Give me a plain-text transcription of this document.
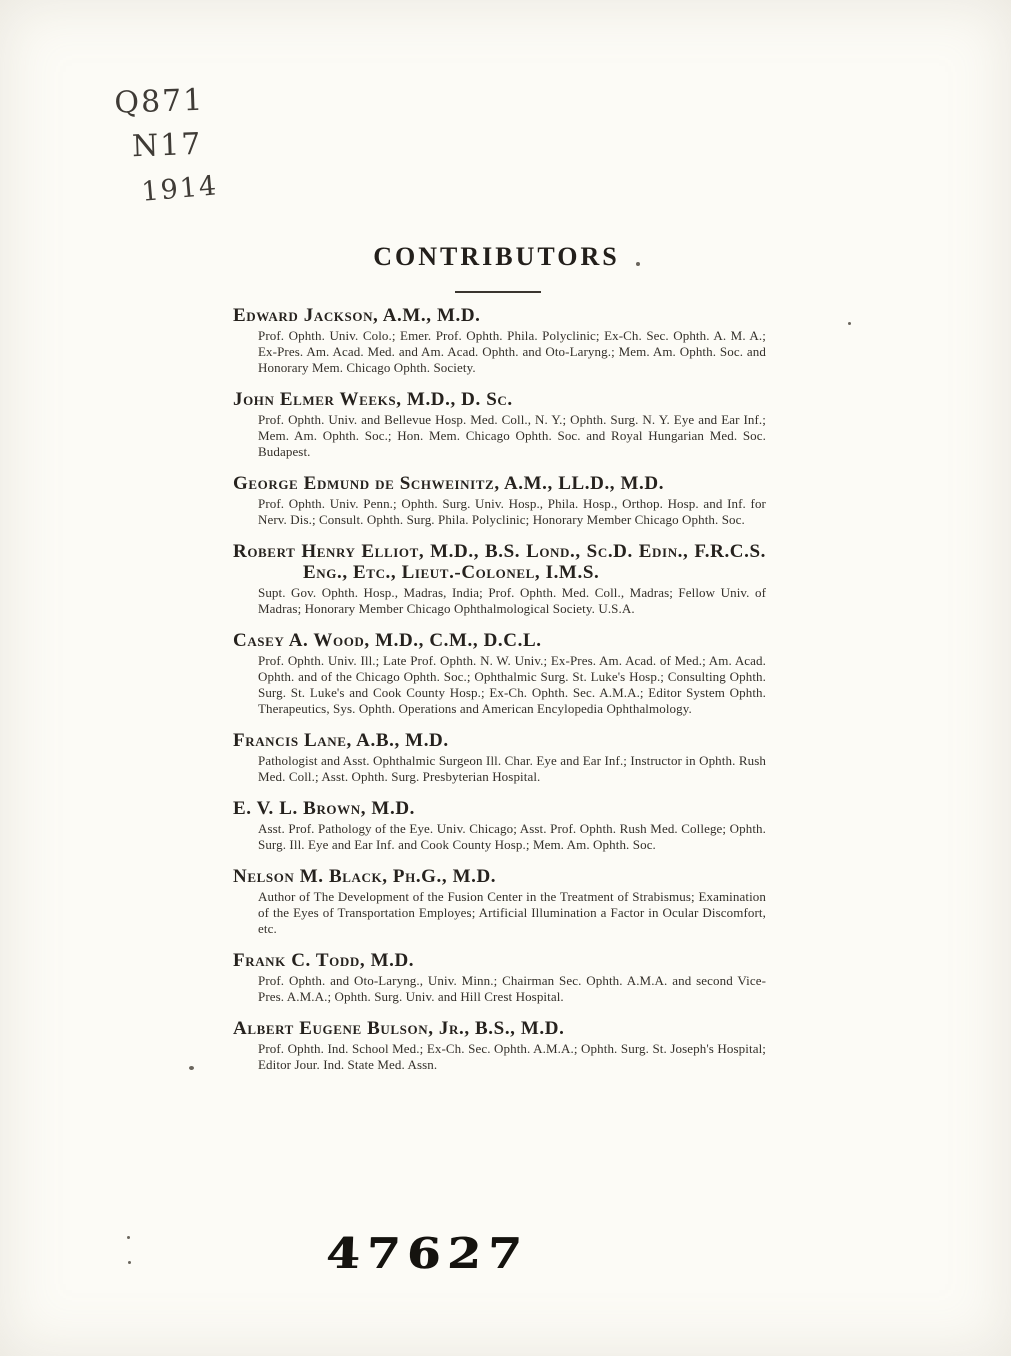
Q871
N17
1914
CONTRIBUTORS
Edward Jackson, A.M., M.D.
Prof. Ophth. Univ. Colo.; Emer. Prof. Ophth. Phila. Polyclinic; Ex-Ch. Sec. Ophth. A. M. A.; Ex-Pres. Am. Acad. Med. and Am. Acad. Ophth. and Oto-Laryng.; Mem. Am. Ophth. Soc. and Honorary Mem. Chicago Ophth. Society.
John Elmer Weeks, M.D., D. Sc.
Prof. Ophth. Univ. and Bellevue Hosp. Med. Coll., N. Y.; Ophth. Surg. N. Y. Eye and Ear Inf.; Mem. Am. Ophth. Soc.; Hon. Mem. Chicago Ophth. Soc. and Royal Hungarian Med. Soc. Budapest.
George Edmund de Schweinitz, A.M., LL.D., M.D.
Prof. Ophth. Univ. Penn.; Ophth. Surg. Univ. Hosp., Phila. Hosp., Orthop. Hosp. and Inf. for Nerv. Dis.; Consult. Ophth. Surg. Phila. Polyclinic; Honorary Member Chicago Ophth. Soc.
Robert Henry Elliot, M.D., B.S. Lond., Sc.D. Edin., F.R.C.S. Eng., Etc., Lieut.-Colonel, I.M.S.
Supt. Gov. Ophth. Hosp., Madras, India; Prof. Ophth. Med. Coll., Madras; Fellow Univ. of Madras; Honorary Member Chicago Ophthalmological Society. U.S.A.
Casey A. Wood, M.D., C.M., D.C.L.
Prof. Ophth. Univ. Ill.; Late Prof. Ophth. N. W. Univ.; Ex-Pres. Am. Acad. of Med.; Am. Acad. Ophth. and of the Chicago Ophth. Soc.; Ophthalmic Surg. St. Luke's Hosp.; Consulting Ophth. Surg. St. Luke's and Cook County Hosp.; Ex-Ch. Ophth. Sec. A.M.A.; Editor System Ophth. Therapeutics, Sys. Ophth. Operations and American Encylopedia Ophthalmology.
Francis Lane, A.B., M.D.
Pathologist and Asst. Ophthalmic Surgeon Ill. Char. Eye and Ear Inf.; Instructor in Ophth. Rush Med. Coll.; Asst. Ophth. Surg. Presbyterian Hospital.
E. V. L. Brown, M.D.
Asst. Prof. Pathology of the Eye. Univ. Chicago; Asst. Prof. Ophth. Rush Med. College; Ophth. Surg. Ill. Eye and Ear Inf. and Cook County Hosp.; Mem. Am. Ophth. Soc.
Nelson M. Black, Ph.G., M.D.
Author of The Development of the Fusion Center in the Treatment of Strabismus; Examination of the Eyes of Transportation Employes; Artificial Illumination a Factor in Ocular Discomfort, etc.
Frank C. Todd, M.D.
Prof. Ophth. and Oto-Laryng., Univ. Minn.; Chairman Sec. Ophth. A.M.A. and second Vice-Pres. A.M.A.; Ophth. Surg. Univ. and Hill Crest Hospital.
Albert Eugene Bulson, Jr., B.S., M.D.
Prof. Ophth. Ind. School Med.; Ex-Ch. Sec. Ophth. A.M.A.; Ophth. Surg. St. Joseph's Hospital; Editor Jour. Ind. State Med. Assn.
47627
